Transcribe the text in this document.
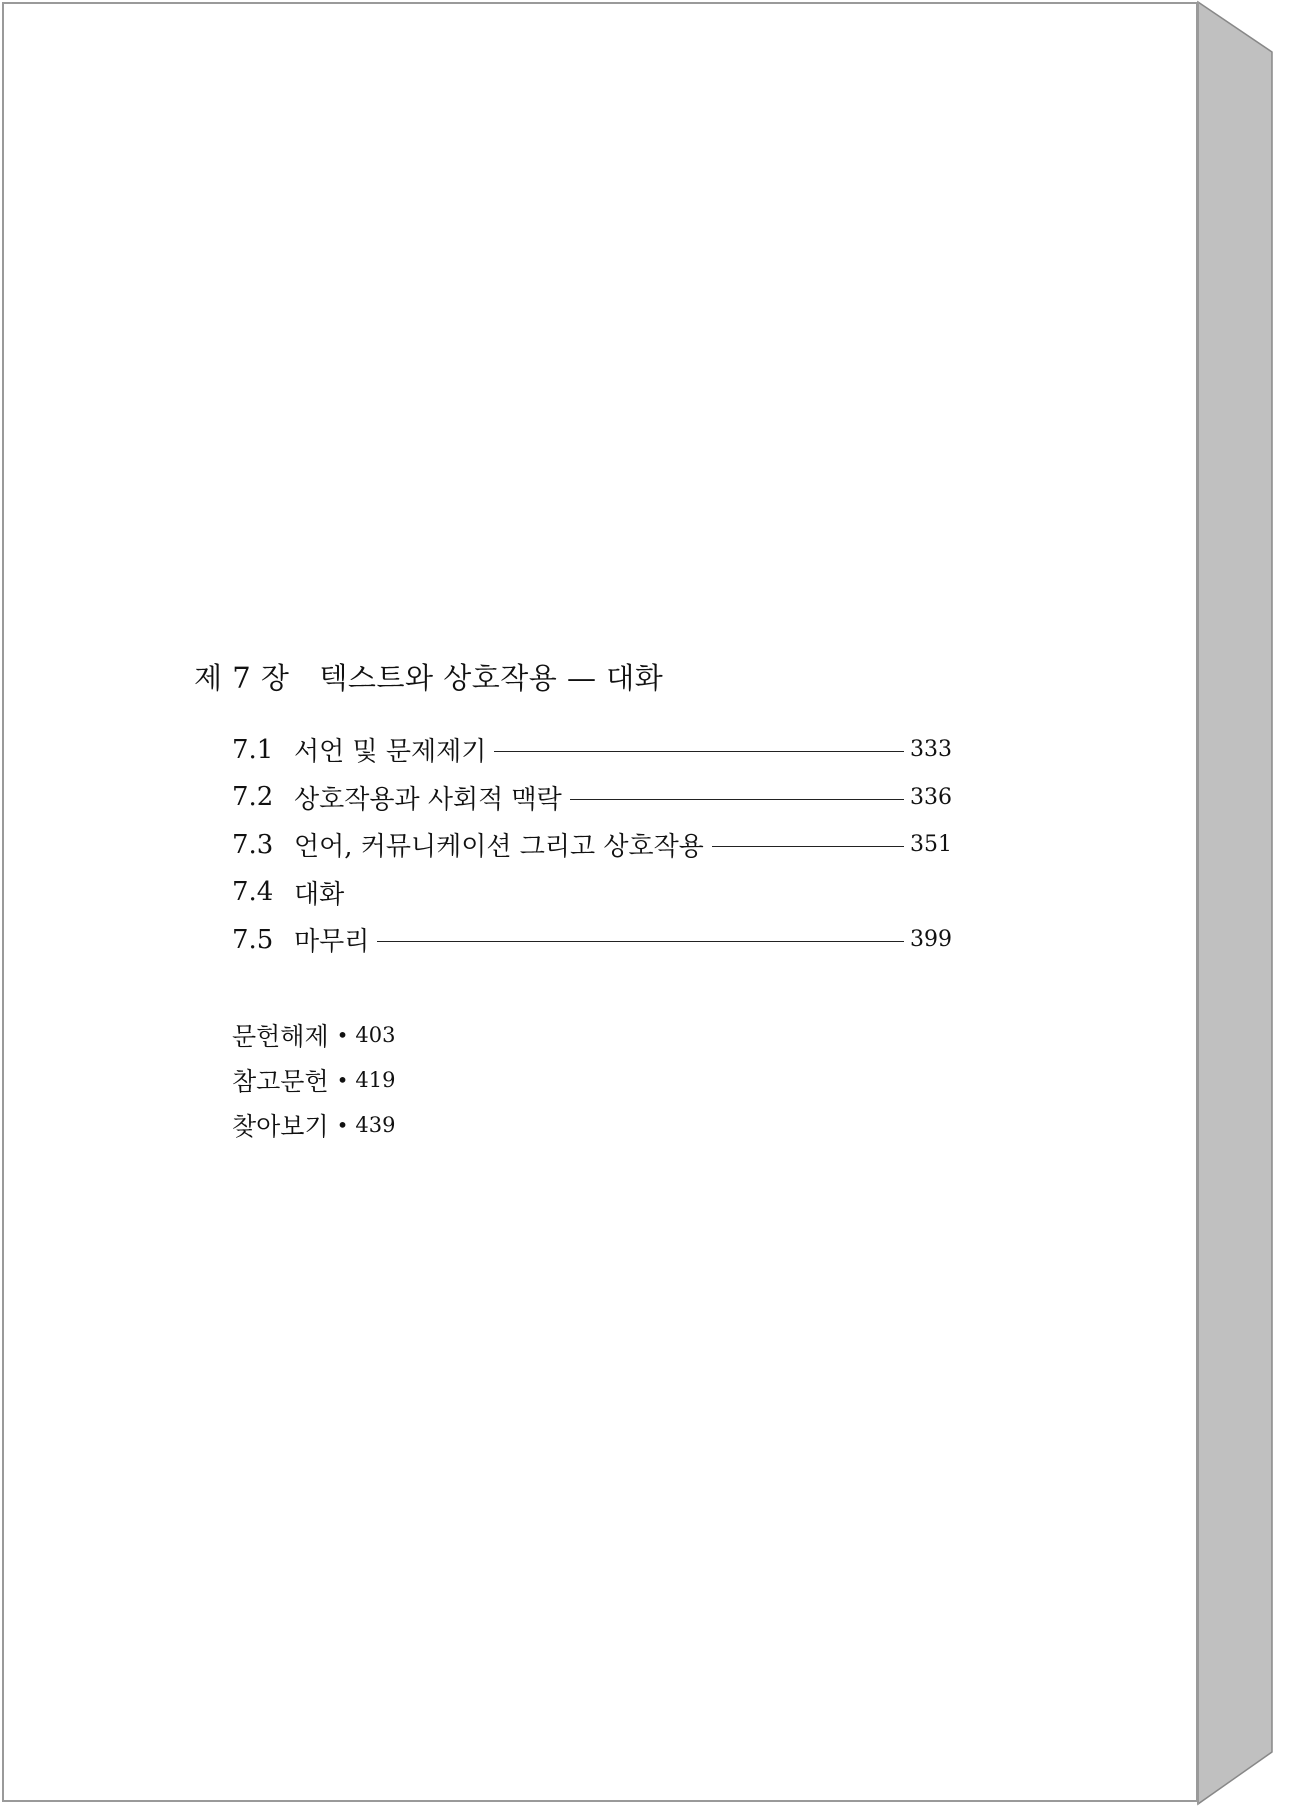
제 7 장 텍스트와 상호작용 — 대화
7.1 서언 및 문제제기	333
7.2 상호작용과 사회적 맥락	336
7.3 언어, 커뮤니케이션 그리고 상호작용	351
7.4 대화
7.5 마무리	399
문헌해제 • 403
참고문헌 • 419
찾아보기 • 439
